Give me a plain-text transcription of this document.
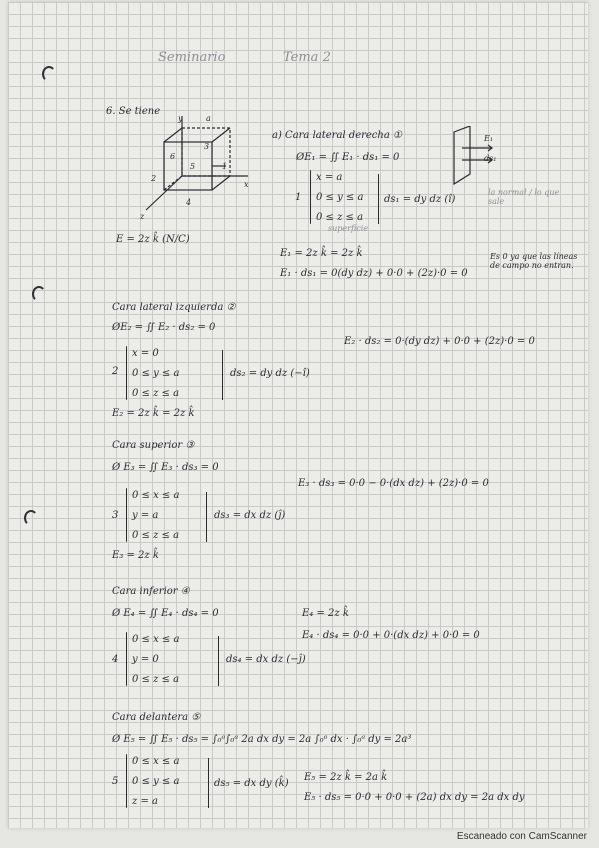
Seminario	Tema 2
6. Se tiene
y	a
x
z
3
5	1
2
4
6
E = 2z k̂ (N/C)
a) Cara lateral derecha ①
ØE₁ = ∬ E₁ · ds₁ = 0
1
x = a
0 ≤ y ≤ a
0 ≤ z ≤ a
ds₁ = dy dz (î)
superficie
la normal / lo que sale
E₁
ds₁
E₁ = 2z k̂ = 2z k̂
E₁ · ds₁ = 0(dy dz) + 0·0 + (2z)·0 = 0
Es 0 ya que las líneas de campo no entran.
Cara lateral izquierda ②
ØE₂ = ∬ E₂ · ds₂ = 0
E₂ · ds₂ = 0·(dy dz) + 0·0 + (2z)·0 = 0
2
x = 0
0 ≤ y ≤ a
0 ≤ z ≤ a
ds₂ = dy dz (−î)
E₂ = 2z k̂ = 2z k̂
Cara superior ③
Ø E₃ = ∬ E₃ · ds₃ = 0
E₃ · ds₃ = 0·0 − 0·(dx dz) + (2z)·0 = 0
3
0 ≤ x ≤ a
y = a
0 ≤ z ≤ a
ds₃ = dx dz (ĵ)
E₃ = 2z k̂
Cara inferior ④
Ø E₄ = ∬ E₄ · ds₄ = 0	E₄ = 2z k̂
E₄ · ds₄ = 0·0 + 0·(dx dz) + 0·0 = 0
4
0 ≤ x ≤ a
y = 0
0 ≤ z ≤ a
ds₄ = dx dz (−ĵ)
Cara delantera ⑤
Ø E₅ = ∬ E₅ · ds₅ = ∫₀ᵃ∫₀ᵃ 2a dx dy = 2a ∫₀ᵃ dx · ∫₀ᵃ dy = 2a³
5
0 ≤ x ≤ a
0 ≤ y ≤ a
z = a
ds₅ = dx dy (k̂)
E₅ = 2z k̂ = 2a k̂
E₅ · ds₅ = 0·0 + 0·0 + (2a) dx dy = 2a dx dy
Escaneado con CamScanner
